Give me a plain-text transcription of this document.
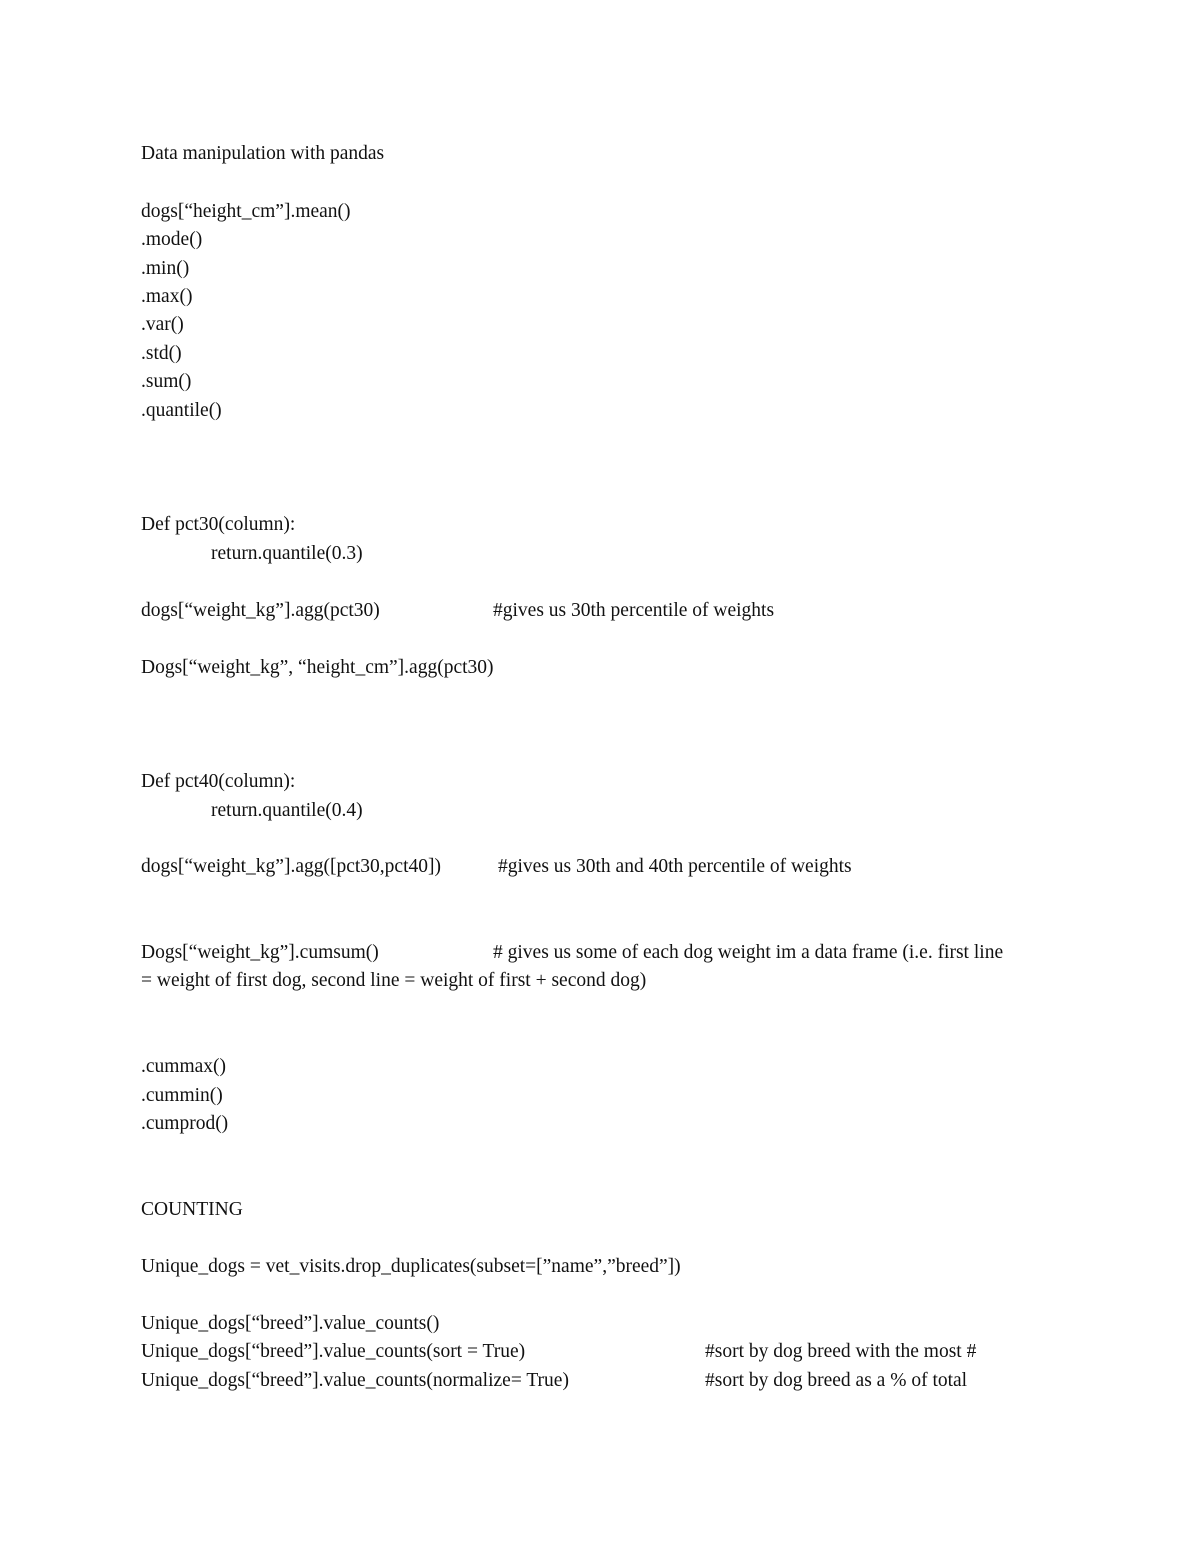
Data manipulation with pandas
dogs[“height_cm”].mean()
.mode()
.min()
.max()
.var()
.std()
.sum()
.quantile()
Def pct30(column):
return.quantile(0.3)
dogs[“weight_kg”].agg(pct30)	#gives us 30th percentile of weights
Dogs[“weight_kg”, “height_cm”].agg(pct30)
Def pct40(column):
return.quantile(0.4)
dogs[“weight_kg”].agg([pct30,pct40])	#gives us 30th and 40th percentile of weights
Dogs[“weight_kg”].cumsum()	# gives us some of each dog weight im a data frame (i.e. first line
= weight of first dog, second line = weight of first + second dog)
.cummax()
.cummin()
.cumprod()
COUNTING
Unique_dogs = vet_visits.drop_duplicates(subset=[”name”,”breed”])
Unique_dogs[“breed”].value_counts()
Unique_dogs[“breed”].value_counts(sort = True)	#sort by dog breed with the most #
Unique_dogs[“breed”].value_counts(normalize= True)	#sort by dog breed as a % of total
